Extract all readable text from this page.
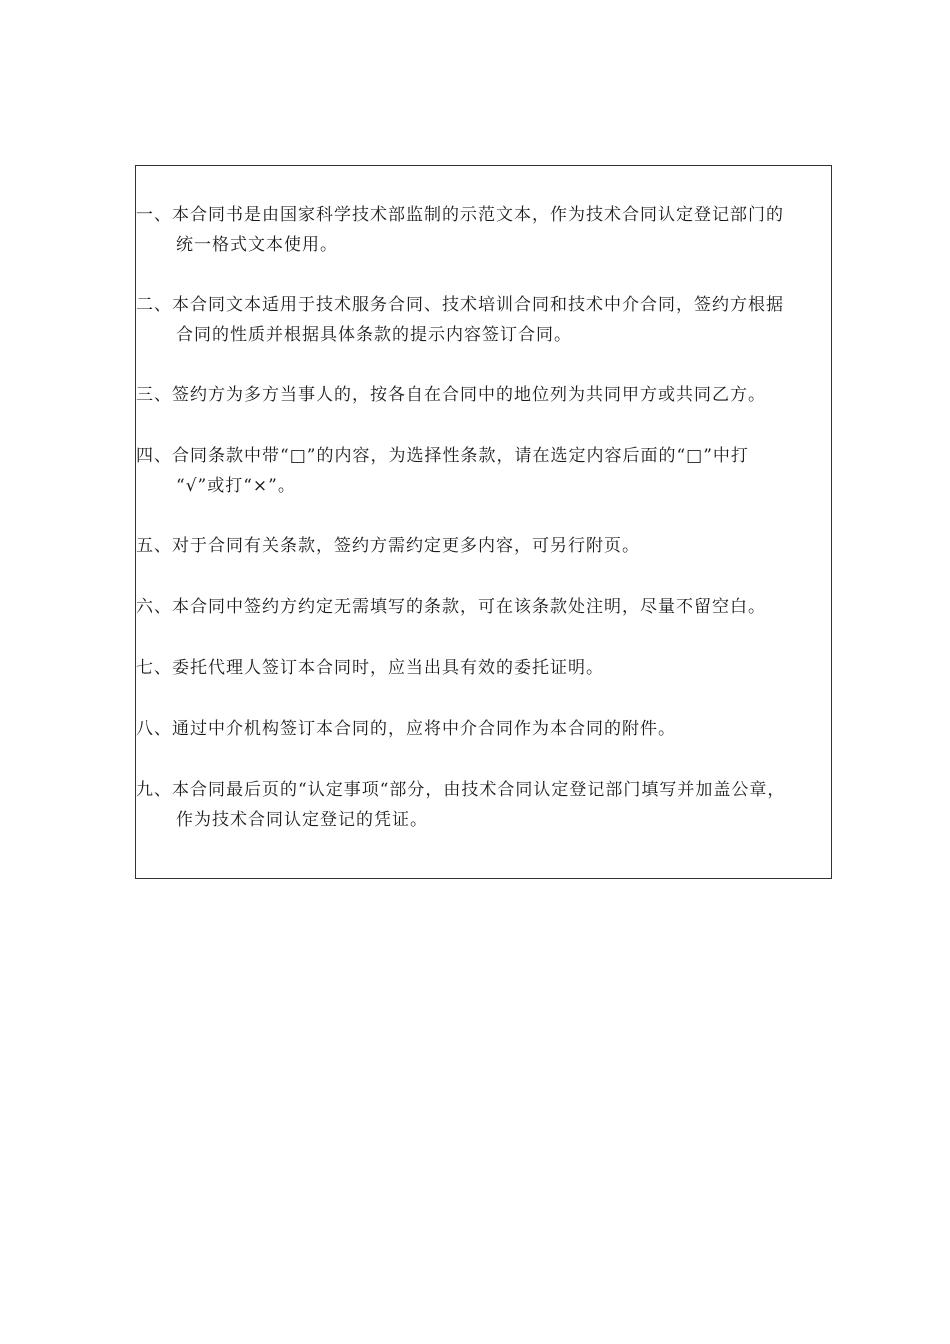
一、本合同书是由国家科学技术部监制的示范文本，作为技术合同认定登记部门的
统一格式文本使用。
二、本合同文本适用于技术服务合同、技术培训合同和技术中介合同，签约方根据
合同的性质并根据具体条款的提示内容签订合同。
三、签约方为多方当事人的，按各自在合同中的地位列为共同甲方或共同乙方。
四、合同条款中带“□”的内容，为选择性条款，请在选定内容后面的“□”中打
“√”或打“×”。
五、对于合同有关条款，签约方需约定更多内容，可另行附页。
六、本合同中签约方约定无需填写的条款，可在该条款处注明，尽量不留空白。
七、委托代理人签订本合同时，应当出具有效的委托证明。
八、通过中介机构签订本合同的，应将中介合同作为本合同的附件。
九、本合同最后页的“认定事项“部分，由技术合同认定登记部门填写并加盖公章，
作为技术合同认定登记的凭证。
